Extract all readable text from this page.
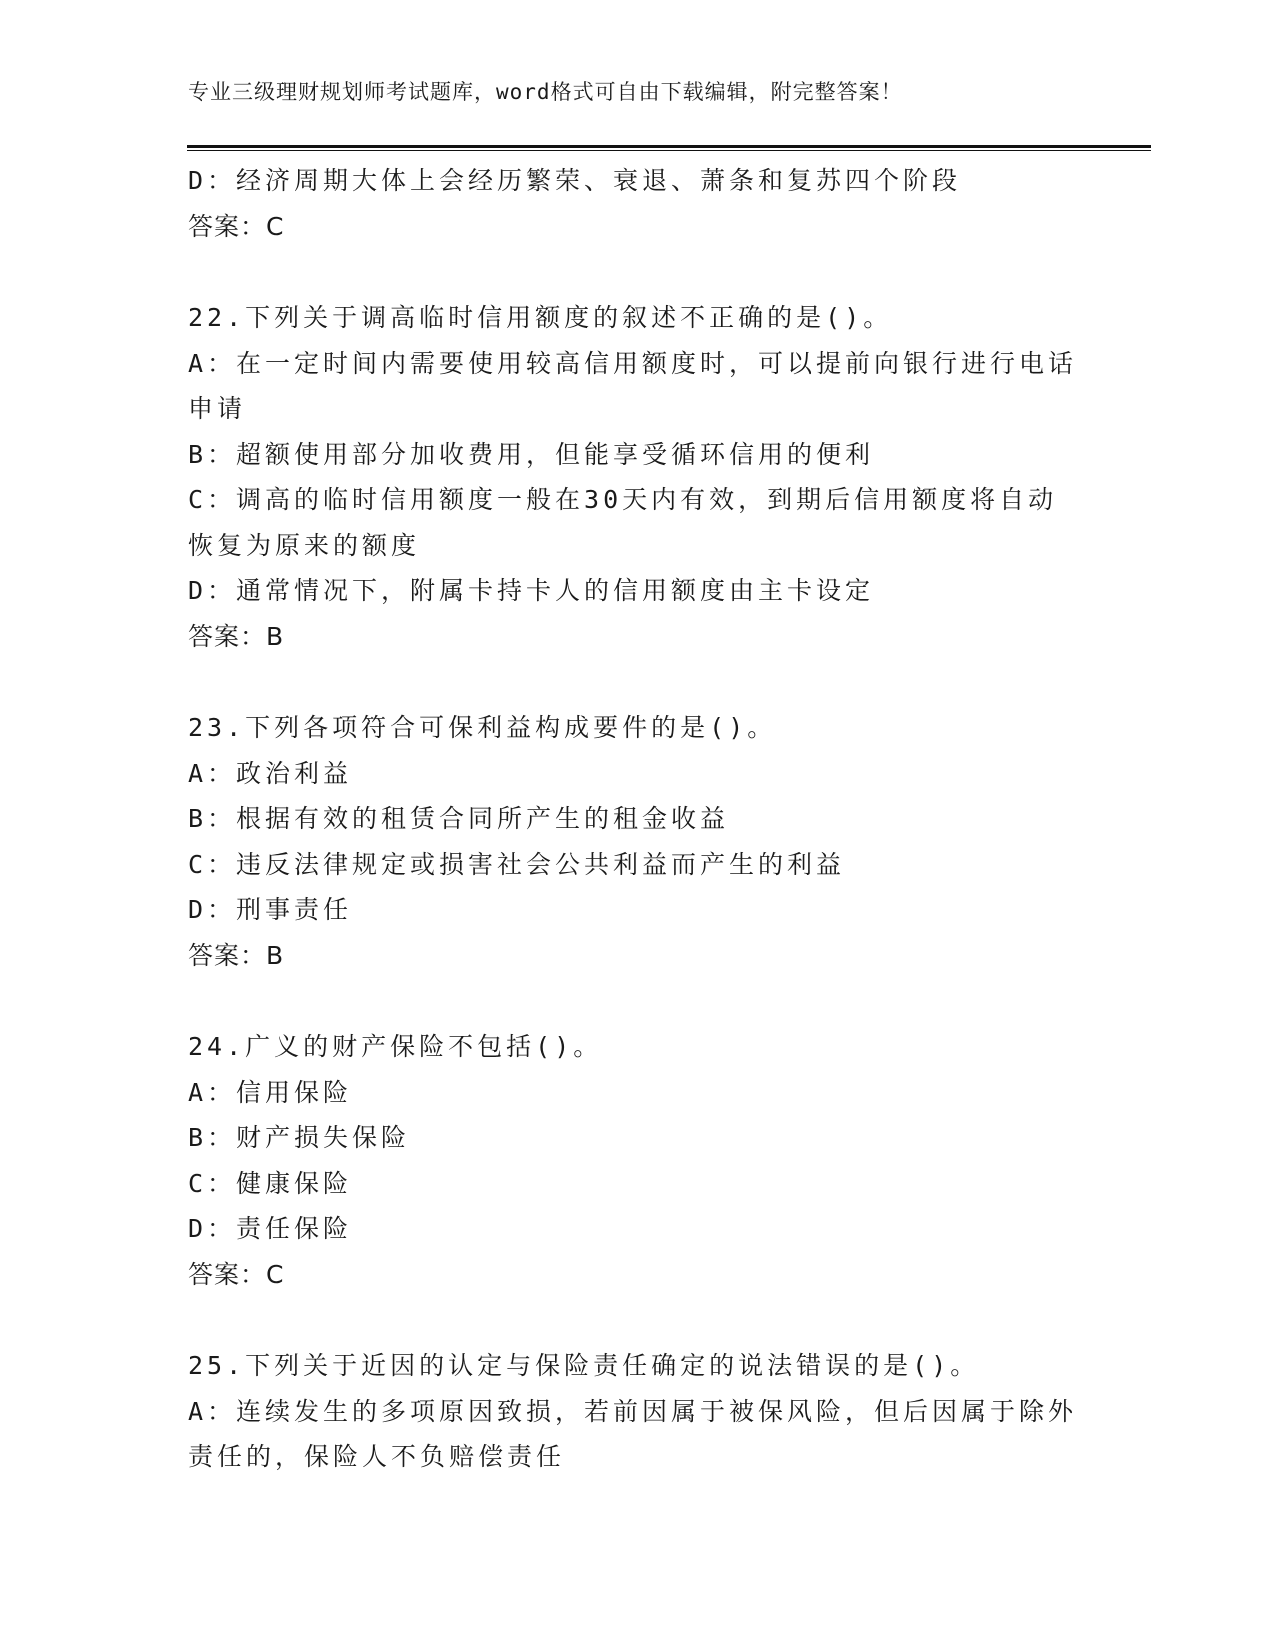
专业三级理财规划师考试题库，word格式可自由下载编辑，附完整答案！
D：经济周期大体上会经历繁荣、衰退、萧条和复苏四个阶段
答案：C
22.下列关于调高临时信用额度的叙述不正确的是()。
A：在一定时间内需要使用较高信用额度时，可以提前向银行进行电话
申请
B：超额使用部分加收费用，但能享受循环信用的便利
C：调高的临时信用额度一般在30天内有效，到期后信用额度将自动
恢复为原来的额度
D：通常情况下，附属卡持卡人的信用额度由主卡设定
答案：B
23.下列各项符合可保利益构成要件的是()。
A：政治利益
B：根据有效的租赁合同所产生的租金收益
C：违反法律规定或损害社会公共利益而产生的利益
D：刑事责任
答案：B
24.广义的财产保险不包括()。
A：信用保险
B：财产损失保险
C：健康保险
D：责任保险
答案：C
25.下列关于近因的认定与保险责任确定的说法错误的是()。
A：连续发生的多项原因致损，若前因属于被保风险，但后因属于除外
责任的，保险人不负赔偿责任
